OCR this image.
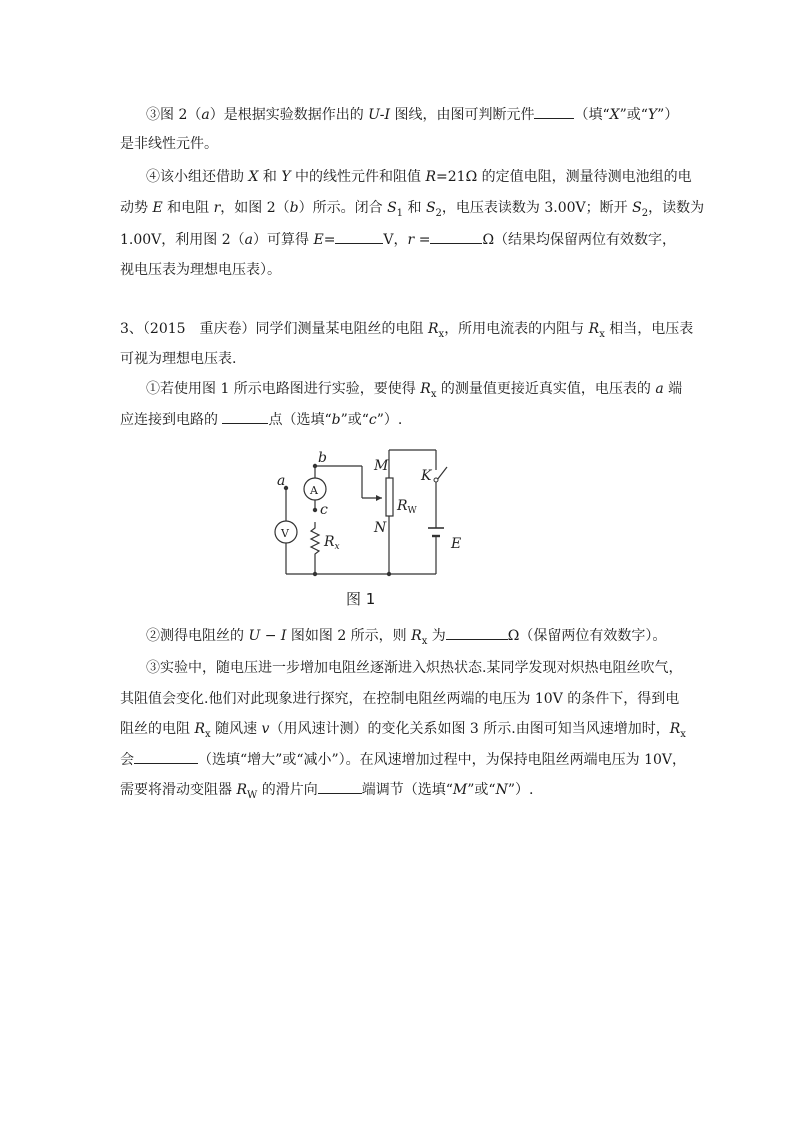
③图 2（a）是根据实验数据作出的 U-I 图线，由图可判断元件	（填“X”或“Y”）
是非线性元件。
④该小组还借助 X 和 Y 中的线性元件和阻值 R=21Ω 的定值电阻，测量待测电池组的电
动势 E 和电阻 r，如图 2（b）所示。闭合 $S_1$ 和 $S_2$，电压表读数为 3.00V；断开 $S_2$，读数为
1.00V，利用图 2（a）可算得 E=	V，r =	Ω（结果均保留两位有效数字，
视电压表为理想电压表）。
3、（2015　重庆卷）同学们测量某电阻丝的电阻 $R_x$，所用电流表的内阻与 $R_x$ 相当，电压表
可视为理想电压表.
①若使用图 1 所示电路图进行实验，要使得 $R_x$ 的测量值更接近真实值，电压表的 a 端
应连接到电路的	点（选填“b”或“c”）.
a
b
c
M
N
K
E
A
V
$R_W$
$R_x$
图 1
②测得电阻丝的 U − I 图如图 2 所示，则 $R_x$ 为	Ω（保留两位有效数字）。
③实验中，随电压进一步增加电阻丝逐渐进入炽热状态.某同学发现对炽热电阻丝吹气，
其阻值会变化.他们对此现象进行探究，在控制电阻丝两端的电压为 10V 的条件下，得到电
阻丝的电阻 $R_x$ 随风速 v（用风速计测）的变化关系如图 3 所示.由图可知当风速增加时，$R_x$
会	（选填“增大”或“减小”）。在风速增加过程中，为保持电阻丝两端电压为 10V，
需要将滑动变阻器 $R_W$ 的滑片向	端调节（选填“M”或“N”）.
